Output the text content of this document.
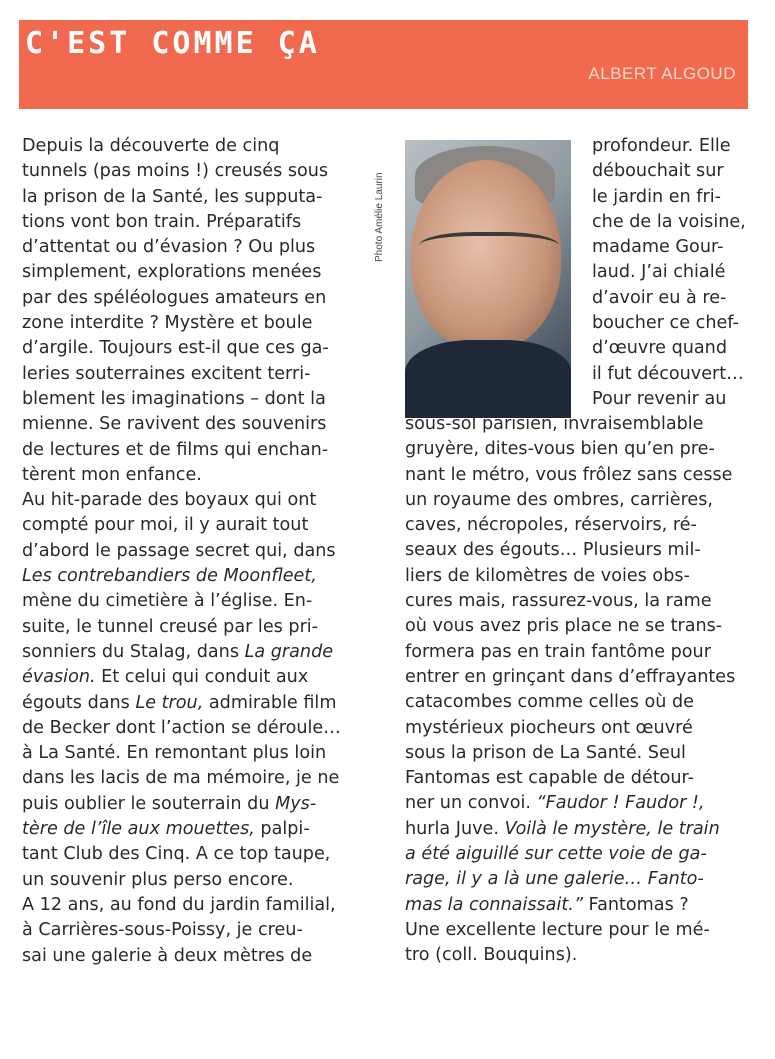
C'EST COMME ÇA
ALBERT ALGOUD
Depuis la découverte de cinq
tunnels (pas moins !) creusés sous
la prison de la Santé, les supputa-
tions vont bon train. Préparatifs
d’attentat ou d’évasion ? Ou plus
simplement, explorations menées
par des spéléologues amateurs en
zone interdite ? Mystère et boule
d’argile. Toujours est-il que ces ga-
leries souterraines excitent terri-
blement les imaginations – dont la
mienne. Se ravivent des souvenirs
de lectures et de films qui enchan-
tèrent mon enfance.
Au hit-parade des boyaux qui ont
compté pour moi, il y aurait tout
d’abord le passage secret qui, dans
Les contrebandiers de Moonfleet,
mène du cimetière à l’église. En-
suite, le tunnel creusé par les pri-
sonniers du Stalag, dans La grande
évasion. Et celui qui conduit aux
égouts dans Le trou, admirable film
de Becker dont l’action se déroule…
à La Santé. En remontant plus loin
dans les lacis de ma mémoire, je ne
puis oublier le souterrain du Mys-
tère de l’île aux mouettes, palpi-
tant Club des Cinq. A ce top taupe,
un souvenir plus perso encore.
A 12 ans, au fond du jardin familial,
à Carrières-sous-Poissy, je creu-
sai une galerie à deux mètres de
Photo Amélie Laurin
profondeur. Elle
débouchait sur
le jardin en fri-
che de la voisine,
madame Gour-
laud. J’ai chialé
d’avoir eu à re-
boucher ce chef-
d’œuvre quand
il fut découvert…
Pour revenir au
sous-sol parisien, invraisemblable
gruyère, dites-vous bien qu’en pre-
nant le métro, vous frôlez sans cesse
un royaume des ombres, carrières,
caves, nécropoles, réservoirs, ré-
seaux des égouts… Plusieurs mil-
liers de kilomètres de voies obs-
cures mais, rassurez-vous, la rame
où vous avez pris place ne se trans-
formera pas en train fantôme pour
entrer en grinçant dans d’effrayantes
catacombes comme celles où de
mystérieux piocheurs ont œuvré
sous la prison de La Santé. Seul
Fantomas est capable de détour-
ner un convoi. “Faudor ! Faudor !,
hurla Juve. Voilà le mystère, le train
a été aiguillé sur cette voie de ga-
rage, il y a là une galerie… Fanto-
mas la connaissait.” Fantomas ?
Une excellente lecture pour le mé-
tro (coll. Bouquins).
